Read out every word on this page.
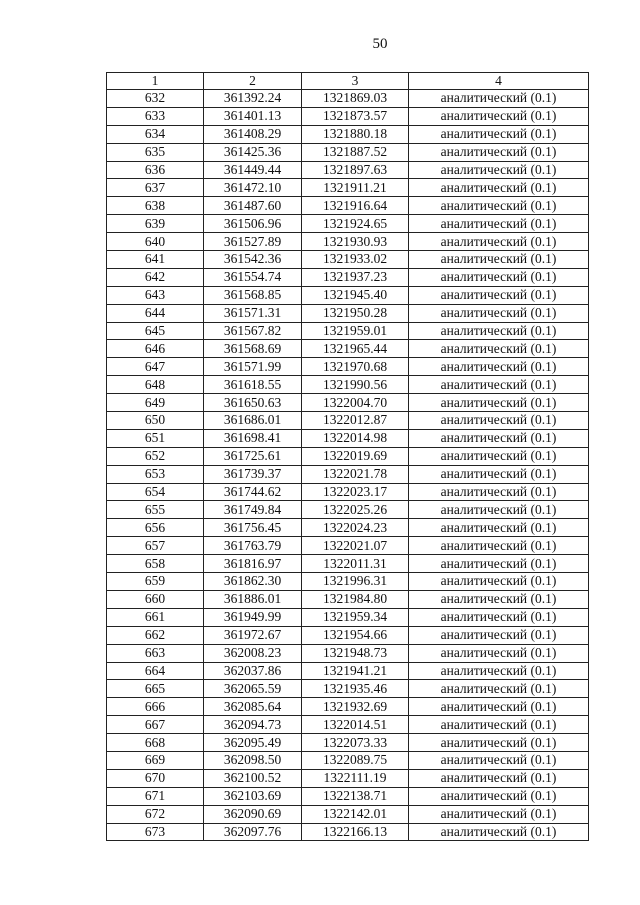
50
1	2	3	4
632	361392.24	1321869.03	аналитический (0.1)
633	361401.13	1321873.57	аналитический (0.1)
634	361408.29	1321880.18	аналитический (0.1)
635	361425.36	1321887.52	аналитический (0.1)
636	361449.44	1321897.63	аналитический (0.1)
637	361472.10	1321911.21	аналитический (0.1)
638	361487.60	1321916.64	аналитический (0.1)
639	361506.96	1321924.65	аналитический (0.1)
640	361527.89	1321930.93	аналитический (0.1)
641	361542.36	1321933.02	аналитический (0.1)
642	361554.74	1321937.23	аналитический (0.1)
643	361568.85	1321945.40	аналитический (0.1)
644	361571.31	1321950.28	аналитический (0.1)
645	361567.82	1321959.01	аналитический (0.1)
646	361568.69	1321965.44	аналитический (0.1)
647	361571.99	1321970.68	аналитический (0.1)
648	361618.55	1321990.56	аналитический (0.1)
649	361650.63	1322004.70	аналитический (0.1)
650	361686.01	1322012.87	аналитический (0.1)
651	361698.41	1322014.98	аналитический (0.1)
652	361725.61	1322019.69	аналитический (0.1)
653	361739.37	1322021.78	аналитический (0.1)
654	361744.62	1322023.17	аналитический (0.1)
655	361749.84	1322025.26	аналитический (0.1)
656	361756.45	1322024.23	аналитический (0.1)
657	361763.79	1322021.07	аналитический (0.1)
658	361816.97	1322011.31	аналитический (0.1)
659	361862.30	1321996.31	аналитический (0.1)
660	361886.01	1321984.80	аналитический (0.1)
661	361949.99	1321959.34	аналитический (0.1)
662	361972.67	1321954.66	аналитический (0.1)
663	362008.23	1321948.73	аналитический (0.1)
664	362037.86	1321941.21	аналитический (0.1)
665	362065.59	1321935.46	аналитический (0.1)
666	362085.64	1321932.69	аналитический (0.1)
667	362094.73	1322014.51	аналитический (0.1)
668	362095.49	1322073.33	аналитический (0.1)
669	362098.50	1322089.75	аналитический (0.1)
670	362100.52	1322111.19	аналитический (0.1)
671	362103.69	1322138.71	аналитический (0.1)
672	362090.69	1322142.01	аналитический (0.1)
673	362097.76	1322166.13	аналитический (0.1)
